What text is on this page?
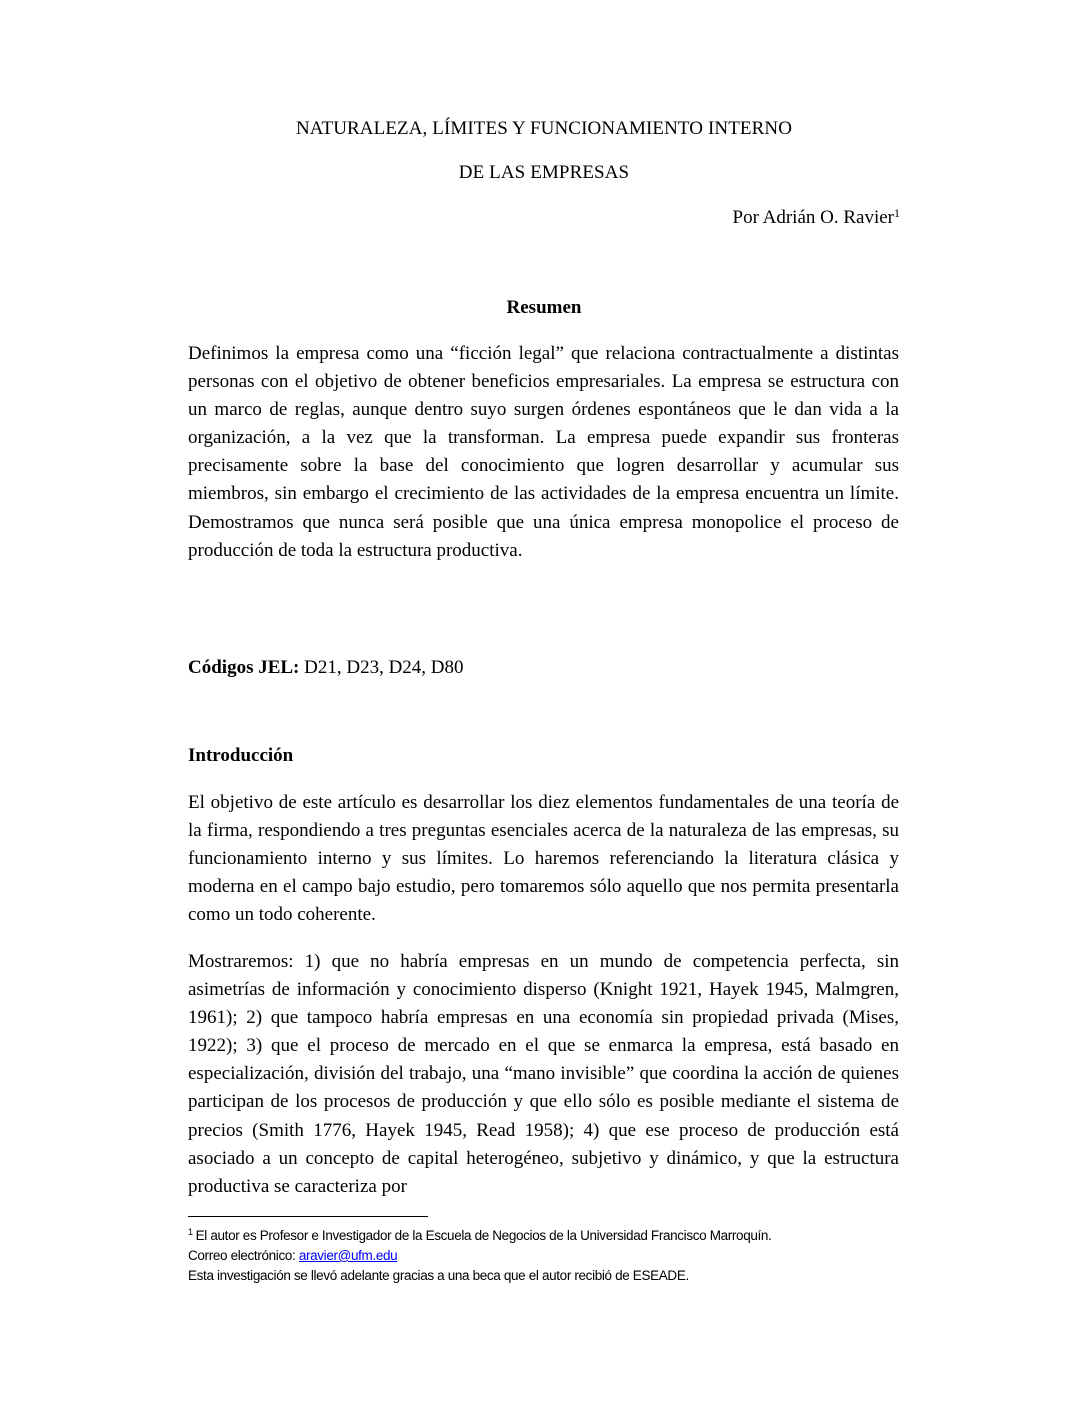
NATURALEZA, LÍMITES Y FUNCIONAMIENTO INTERNO
DE LAS EMPRESAS
Por Adrián O. Ravier$^1$
Resumen

Definimos la empresa como una “ficción legal” que relaciona contractualmente a distintas personas con el objetivo de obtener beneficios empresariales. La empresa se estructura con un marco de reglas, aunque dentro suyo surgen órdenes espontáneos que le dan vida a la organización, a la vez que la transforman. La empresa puede expandir sus fronteras precisamente sobre la base del conocimiento que logren desarrollar y acumular sus miembros, sin embargo el crecimiento de las actividades de la empresa encuentra un límite. Demostramos que nunca será posible que una única empresa monopolice el proceso de producción de toda la estructura productiva.

Códigos JEL: D21, D23, D24, D80
Introducción

El objetivo de este artículo es desarrollar los diez elementos fundamentales de una teoría de la firma, respondiendo a tres preguntas esenciales acerca de la naturaleza de las empresas, su funcionamiento interno y sus límites. Lo haremos referenciando la literatura clásica y moderna en el campo bajo estudio, pero tomaremos sólo aquello que nos permita presentarla como un todo coherente.

Mostraremos: 1) que no habría empresas en un mundo de competencia perfecta, sin asimetrías de información y conocimiento disperso (Knight 1921, Hayek 1945, Malmgren, 1961); 2) que tampoco habría empresas en una economía sin propiedad privada (Mises, 1922); 3) que el proceso de mercado en el que se enmarca la empresa, está basado en especialización, división del trabajo, una “mano invisible” que coordina la acción de quienes participan de los procesos de producción y que ello sólo es posible mediante el sistema de precios (Smith 1776, Hayek 1945, Read 1958); 4) que ese proceso de producción está asociado a un concepto de capital heterogéneo, subjetivo y dinámico, y que la estructura productiva se caracteriza por

$^1$ El autor es Profesor e Investigador de la Escuela de Negocios de la Universidad Francisco Marroquín.
Correo electrónico: aravier@ufm.edu
Esta investigación se llevó adelante gracias a una beca que el autor recibió de ESEADE.
